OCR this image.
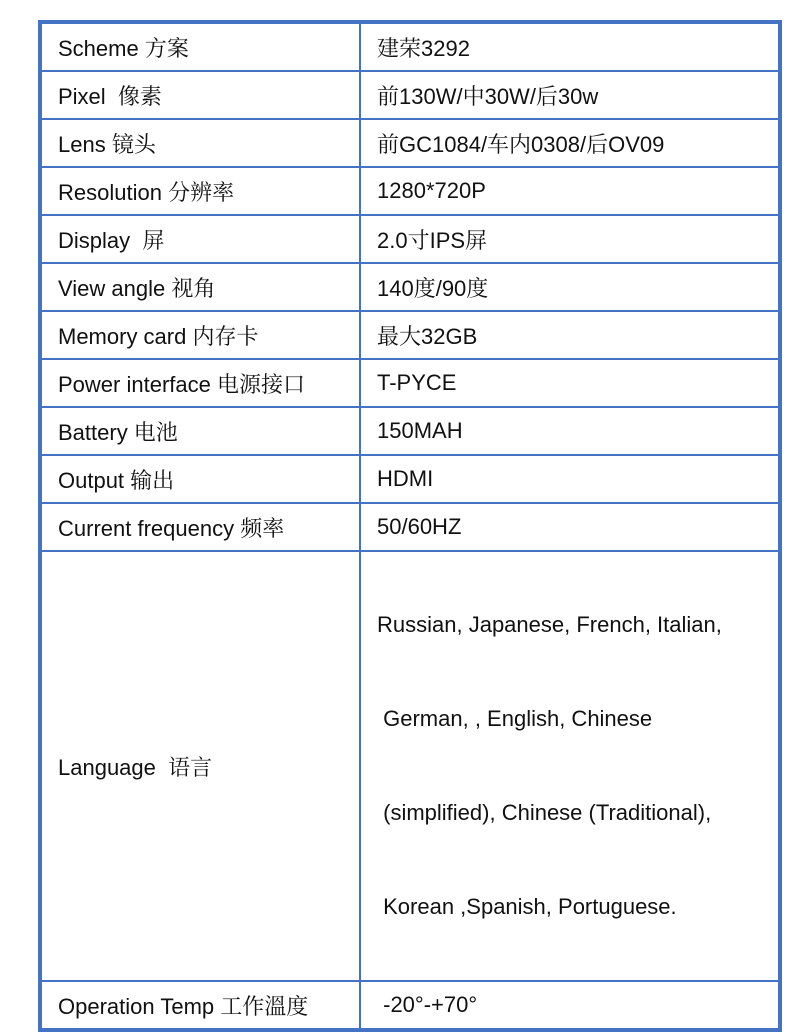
Scheme 方案	建荣3292
Pixel  像素	前130W/中30W/后30w
Lens 镜头	前GC1084/车内0308/后OV09
Resolution 分辨率	1280*720P
Display  屏	2.0寸IPS屏
View angle 视角	140度/90度
Memory card 内存卡	最大32GB
Power interface 电源接口	T-PYCE
Battery 电池	150MAH
Output 输出	HDMI
Current frequency 频率	50/60HZ
Language  语言	Russian, Japanese, French, Italian,

German, , English, Chinese

(simplified), Chinese (Traditional),

Korean ,Spanish, Portuguese.

Operation Temp 工作溫度	-20°-+70°
